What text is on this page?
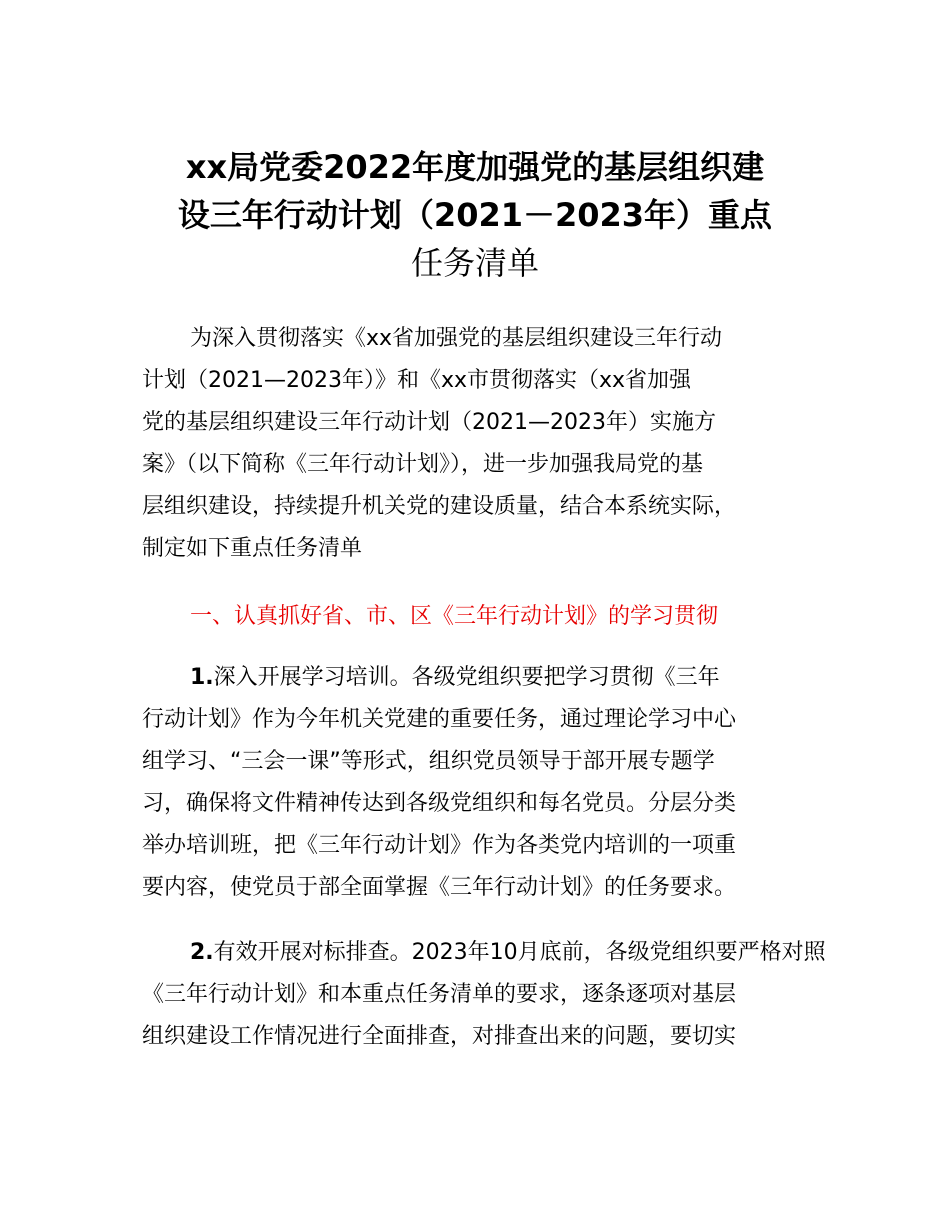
xx局党委2022年度加强党的基层组织建
设三年行动计划（2021－2023年）重点
任务清单
为深入贯彻落实《xx省加强党的基层组织建设三年行动
计划（2021—2023年）》和《xx市贯彻落实（xx省加强
党的基层组织建设三年行动计划（2021—2023年）实施方
案》（以下简称《三年行动计划》），进一步加强我局党的基
层组织建设，持续提升机关党的建设质量，结合本系统实际，
制定如下重点任务清单
一、认真抓好省、市、区《三年行动计划》的学习贯彻
1.深入开展学习培训。各级党组织要把学习贯彻《三年
行动计划》作为今年机关党建的重要任务，通过理论学习中心
组学习、“三会一课”等形式，组织党员领导于部开展专题学
习，确保将文件精神传达到各级党组织和每名党员。分层分类
举办培训班，把《三年行动计划》作为各类党内培训的一项重
要内容，使党员于部全面掌握《三年行动计划》的任务要求。
2.有效开展对标排查。2023年10月底前，各级党组织要严格对照
《三年行动计划》和本重点任务清单的要求，逐条逐项对基层
组织建设工作情况进行全面排查，对排查出来的问题，要切实
